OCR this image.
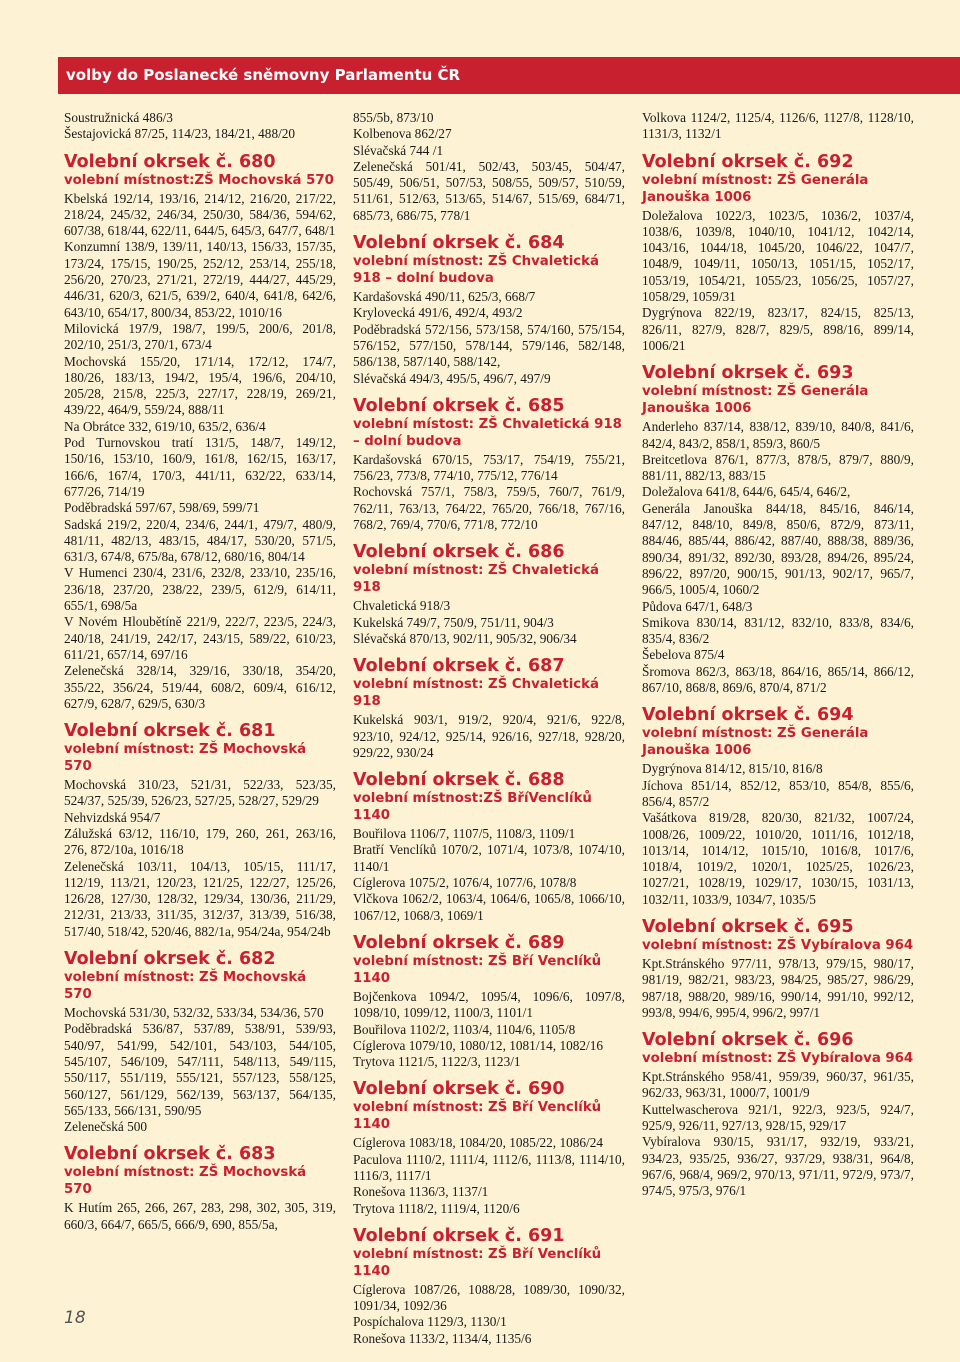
volby do Poslanecké sněmovny Parlamentu ČR

Soustružnická 486/3

Šestajovická 87/25, 114/23, 184/21, 488/20

Volební okrsek č. 680
volební místnost:ZŠ Mochovská 570

Kbelská 192/14, 193/16, 214/12, 216/20, 217/22, 218/24, 245/32, 246/34, 250/30, 584/36, 594/62, 607/38, 618/44, 622/11, 644/5, 645/3, 647/7, 648/1

Konzumní 138/9, 139/11, 140/13, 156/33, 157/35, 173/24, 175/15, 190/25, 252/12, 253/14, 255/18, 256/20, 270/23, 271/21, 272/19, 444/27, 445/29, 446/31, 620/3, 621/5, 639/2, 640/4, 641/8, 642/6, 643/10, 654/17, 800/34, 853/22, 1010/16

Milovická 197/9, 198/7, 199/5, 200/6, 201/8, 202/10, 251/3, 270/1, 673/4

Mochovská 155/20, 171/14, 172/12, 174/7, 180/26, 183/13, 194/2, 195/4, 196/6, 204/10, 205/28, 215/8, 225/3, 227/17, 228/19, 269/21, 439/22, 464/9, 559/24, 888/11

Na Obrátce 332, 619/10, 635/2, 636/4

Pod Turnovskou tratí 131/5, 148/7, 149/12, 150/16, 153/10, 160/9, 161/8, 162/15, 163/17, 166/6, 167/4, 170/3, 441/11, 632/22, 633/14, 677/26, 714/19

Poděbradská 597/67, 598/69, 599/71

Sadská 219/2, 220/4, 234/6, 244/1, 479/7, 480/9, 481/11, 482/13, 483/15, 484/17, 530/20, 571/5, 631/3, 674/8, 675/8a, 678/12, 680/16, 804/14

V Humenci 230/4, 231/6, 232/8, 233/10, 235/16, 236/18, 237/20, 238/22, 239/5, 612/9, 614/11, 655/1, 698/5a

V Novém Hloubětíně 221/9, 222/7, 223/5, 224/3, 240/18, 241/19, 242/17, 243/15, 589/22, 610/23, 611/21, 657/14, 697/16

Zelenečská 328/14, 329/16, 330/18, 354/20, 355/22, 356/24, 519/44, 608/2, 609/4, 616/12, 627/9, 628/7, 629/5, 630/3

Volební okrsek č. 681
volební místnost: ZŠ Mochovská 570

Mochovská 310/23, 521/31, 522/33, 523/35, 524/37, 525/39, 526/23, 527/25, 528/27, 529/29

Nehvizdská 954/7

Zálužská 63/12, 116/10, 179, 260, 261, 263/16, 276, 872/10a, 1016/18

Zelenečská 103/11, 104/13, 105/15, 111/17, 112/19, 113/21, 120/23, 121/25, 122/27, 125/26, 126/28, 127/30, 128/32, 129/34, 130/36, 211/29, 212/31, 213/33, 311/35, 312/37, 313/39, 516/38, 517/40, 518/42, 520/46, 882/1a, 954/24a, 954/24b

Volební okrsek č. 682
volební místnost: ZŠ Mochovská 570

Mochovská 531/30, 532/32, 533/34, 534/36, 570

Poděbradská 536/87, 537/89, 538/91, 539/93, 540/97, 541/99, 542/101, 543/103, 544/105, 545/107, 546/109, 547/111, 548/113, 549/115, 550/117, 551/119, 555/121, 557/123, 558/125, 560/127, 561/129, 562/139, 563/137, 564/135, 565/133, 566/131, 590/95

Zelenečská 500

Volební okrsek č. 683
volební místnost: ZŠ Mochovská 570

K Hutím 265, 266, 267, 283, 298, 302, 305, 319, 660/3, 664/7, 665/5, 666/9, 690, 855/5a,

855/5b, 873/10

Kolbenova 862/27

Slévačská 744 /1

Zelenečská 501/41, 502/43, 503/45, 504/47, 505/49, 506/51, 507/53, 508/55, 509/57, 510/59, 511/61, 512/63, 513/65, 514/67, 515/69, 684/71, 685/73, 686/75, 778/1

Volební okrsek č. 684
volební místnost: ZŠ Chvaletická 918 – dolní budova

Kardašovská 490/11, 625/3, 668/7

Krylovecká 491/6, 492/4, 493/2

Poděbradská 572/156, 573/158, 574/160, 575/154, 576/152, 577/150, 578/144, 579/146, 582/148, 586/138, 587/140, 588/142,

Slévačská 494/3, 495/5, 496/7, 497/9

Volební okrsek č. 685
volební místost: ZŠ Chvaletická 918 – dolní budova

Kardašovská 670/15, 753/17, 754/19, 755/21, 756/23, 773/8, 774/10, 775/12, 776/14

Rochovská 757/1, 758/3, 759/5, 760/7, 761/9, 762/11, 763/13, 764/22, 765/20, 766/18, 767/16, 768/2, 769/4, 770/6, 771/8, 772/10

Volební okrsek č. 686
volební místnost: ZŠ Chvaletická 918

Chvaletická 918/3

Kukelská 749/7, 750/9, 751/11, 904/3

Slévačská 870/13, 902/11, 905/32, 906/34

Volební okrsek č. 687
volební místnost: ZŠ Chvaletická 918

Kukelská 903/1, 919/2, 920/4, 921/6, 922/8, 923/10, 924/12, 925/14, 926/16, 927/18, 928/20, 929/22, 930/24

Volební okrsek č. 688
volební místnost:ZŠ BříVenclíků 1140

Bouřilova 1106/7, 1107/5, 1108/3, 1109/1

Bratří Venclíků 1070/2, 1071/4, 1073/8, 1074/10, 1140/1

Cíglerova 1075/2, 1076/4, 1077/6, 1078/8

Vlčkova 1062/2, 1063/4, 1064/6, 1065/8, 1066/10, 1067/12, 1068/3, 1069/1

Volební okrsek č. 689
volební místnost: ZŠ Bří Venclíků 1140

Bojčenkova 1094/2, 1095/4, 1096/6, 1097/8, 1098/10, 1099/12, 1100/3, 1101/1

Bouřilova 1102/2, 1103/4, 1104/6, 1105/8

Cíglerova 1079/10, 1080/12, 1081/14, 1082/16

Trytova 1121/5, 1122/3, 1123/1

Volební okrsek č. 690
volební místnost: ZŠ Bří Venclíků 1140

Cíglerova 1083/18, 1084/20, 1085/22, 1086/24

Paculova 1110/2, 1111/4, 1112/6, 1113/8, 1114/10, 1116/3, 1117/1

Ronešova 1136/3, 1137/1

Trytova 1118/2, 1119/4, 1120/6

Volební okrsek č. 691
volební místnost: ZŠ Bří Venclíků 1140

Cíglerova 1087/26, 1088/28, 1089/30, 1090/32, 1091/34, 1092/36

Pospíchalova 1129/3, 1130/1

Ronešova 1133/2, 1134/4, 1135/6

Volkova 1124/2, 1125/4, 1126/6, 1127/8, 1128/10, 1131/3, 1132/1

Volební okrsek č. 692
volební místnost: ZŠ Generála Janouška 1006

Doležalova 1022/3, 1023/5, 1036/2, 1037/4, 1038/6, 1039/8, 1040/10, 1041/12, 1042/14, 1043/16, 1044/18, 1045/20, 1046/22, 1047/7, 1048/9, 1049/11, 1050/13, 1051/15, 1052/17, 1053/19, 1054/21, 1055/23, 1056/25, 1057/27, 1058/29, 1059/31

Dygrýnova 822/19, 823/17, 824/15, 825/13, 826/11, 827/9, 828/7, 829/5, 898/16, 899/14, 1006/21

Volební okrsek č. 693
volební místnost: ZŠ Generála Janouška 1006

Anderleho 837/14, 838/12, 839/10, 840/8, 841/6, 842/4, 843/2, 858/1, 859/3, 860/5

Breitcetlova 876/1, 877/3, 878/5, 879/7, 880/9, 881/11, 882/13, 883/15

Doležalova 641/8, 644/6, 645/4, 646/2,

Generála Janouška 844/18, 845/16, 846/14, 847/12, 848/10, 849/8, 850/6, 872/9, 873/11, 884/46, 885/44, 886/42, 887/40, 888/38, 889/36, 890/34, 891/32, 892/30, 893/28, 894/26, 895/24, 896/22, 897/20, 900/15, 901/13, 902/17, 965/7, 966/5, 1005/4, 1060/2

Půdova 647/1, 648/3

Smikova 830/14, 831/12, 832/10, 833/8, 834/6, 835/4, 836/2

Šebelova 875/4

Šromova 862/3, 863/18, 864/16, 865/14, 866/12, 867/10, 868/8, 869/6, 870/4, 871/2

Volební okrsek č. 694
volební místnost: ZŠ Generála Janouška 1006

Dygrýnova 814/12, 815/10, 816/8

Jíchova 851/14, 852/12, 853/10, 854/8, 855/6, 856/4, 857/2

Vašátkova 819/28, 820/30, 821/32, 1007/24, 1008/26, 1009/22, 1010/20, 1011/16, 1012/18, 1013/14, 1014/12, 1015/10, 1016/8, 1017/6, 1018/4, 1019/2, 1020/1, 1025/25, 1026/23, 1027/21, 1028/19, 1029/17, 1030/15, 1031/13, 1032/11, 1033/9, 1034/7, 1035/5

Volební okrsek č. 695
volební místnost: ZŠ Vybíralova 964

Kpt.Stránského 977/11, 978/13, 979/15, 980/17, 981/19, 982/21, 983/23, 984/25, 985/27, 986/29, 987/18, 988/20, 989/16, 990/14, 991/10, 992/12, 993/8, 994/6, 995/4, 996/2, 997/1

Volební okrsek č. 696
volební místnost: ZŠ Vybíralova 964

Kpt.Stránského 958/41, 959/39, 960/37, 961/35, 962/33, 963/31, 1000/7, 1001/9

Kuttelwascherova 921/1, 922/3, 923/5, 924/7, 925/9, 926/11, 927/13, 928/15, 929/17

Vybíralova 930/15, 931/17, 932/19, 933/21, 934/23, 935/25, 936/27, 937/29, 938/31, 964/8, 967/6, 968/4, 969/2, 970/13, 971/11, 972/9, 973/7, 974/5, 975/3, 976/1

18
